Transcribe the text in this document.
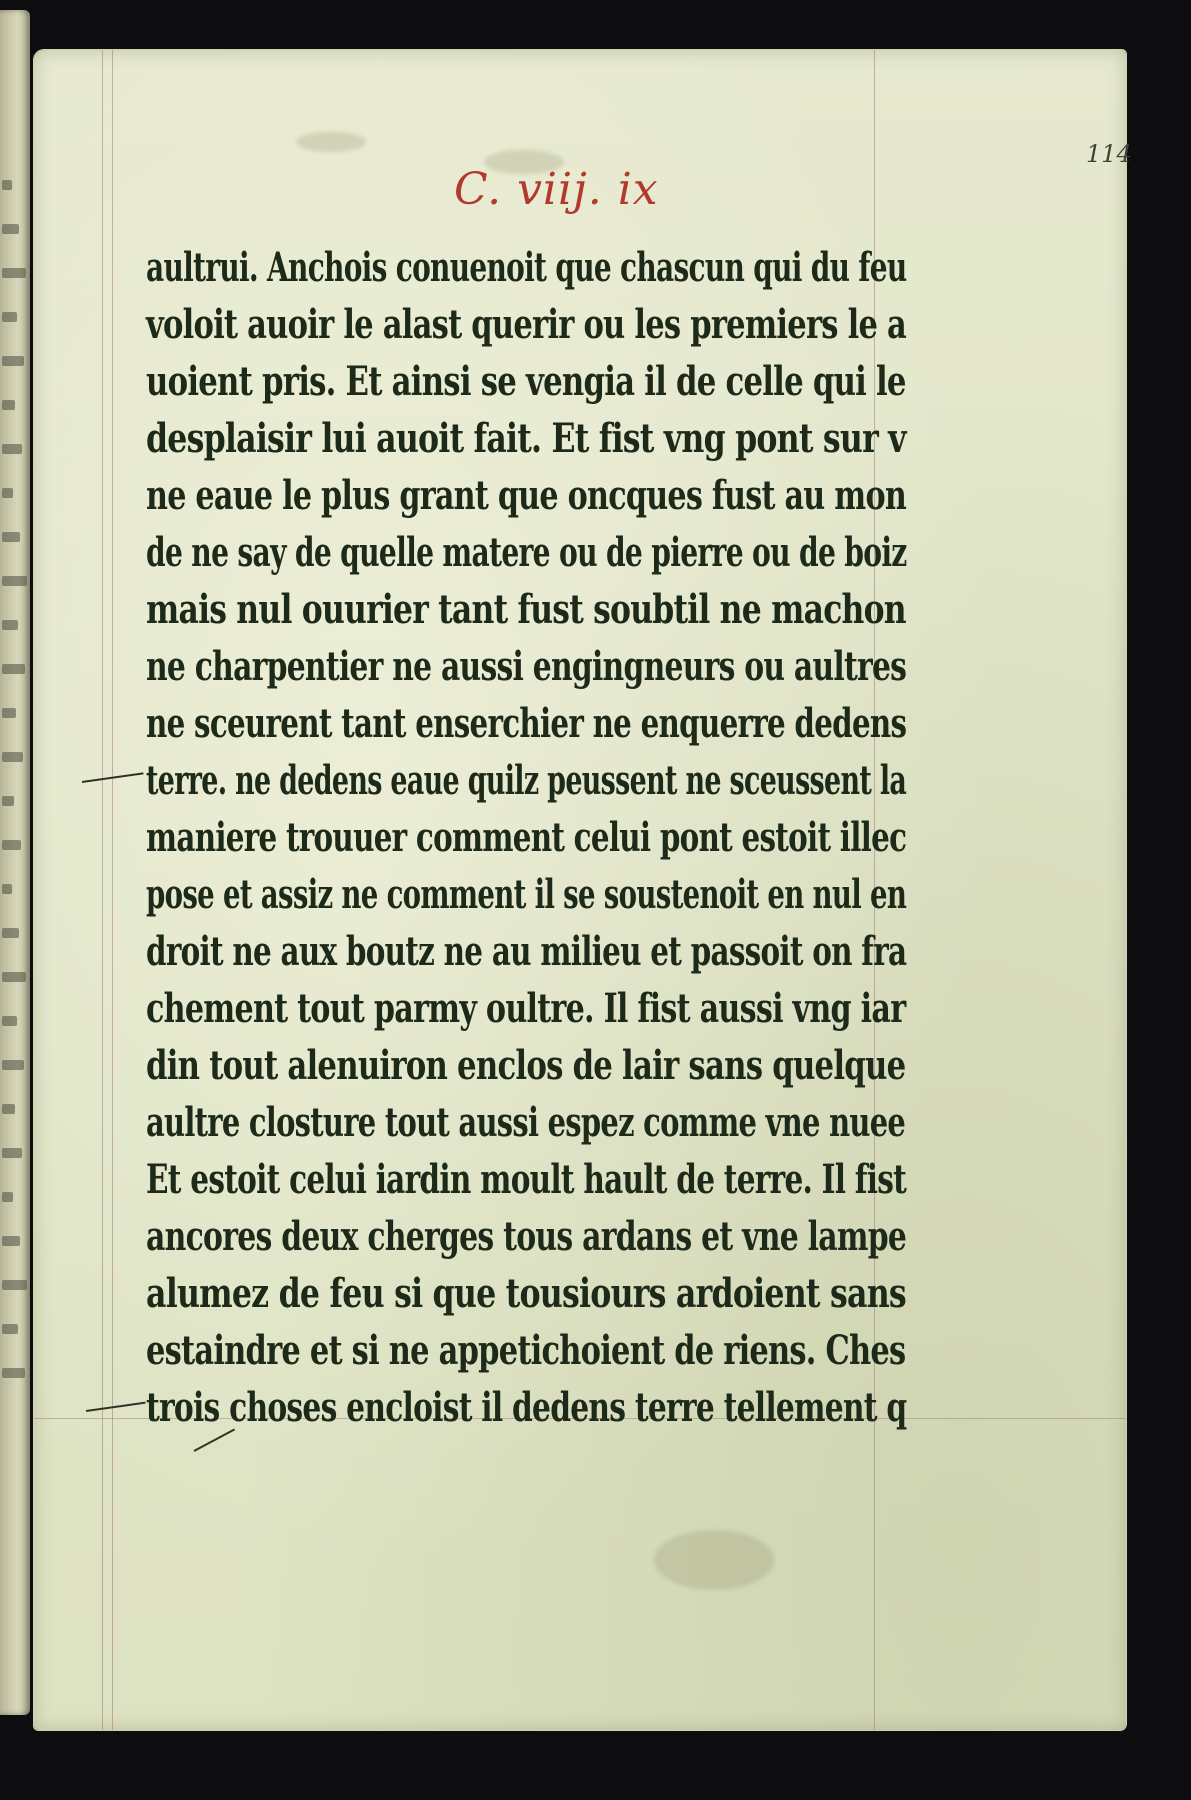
C. viij. ix
114
aultrui. Anchois conuenoit que chascun qui du feu
voloit auoir le alast querir ou les premiers le a
uoient pris. Et ainsi se vengia il de celle qui le
desplaisir lui auoit fait. Et fist vng pont sur v
ne eaue le plus grant que oncques fust au mon
de ne say de quelle matere ou de pierre ou de boiz
mais nul ouurier tant fust soubtil ne machon
ne charpentier ne aussi engingneurs ou aultres
ne sceurent tant enserchier ne enquerre dedens
terre. ne dedens eaue quilz peussent ne sceussent la
maniere trouuer comment celui pont estoit illec
pose et assiz ne comment il se soustenoit en nul en
droit ne aux boutz ne au milieu et passoit on fra
chement tout parmy oultre. Il fist aussi vng iar
din tout alenuiron enclos de lair sans quelque
aultre closture tout aussi espez comme vne nuee
Et estoit celui iardin moult hault de terre. Il fist
ancores deux cherges tous ardans et vne lampe
alumez de feu si que tousiours ardoient sans
estaindre et si ne appetichoient de riens. Ches
trois choses encloist il dedens terre tellement q
